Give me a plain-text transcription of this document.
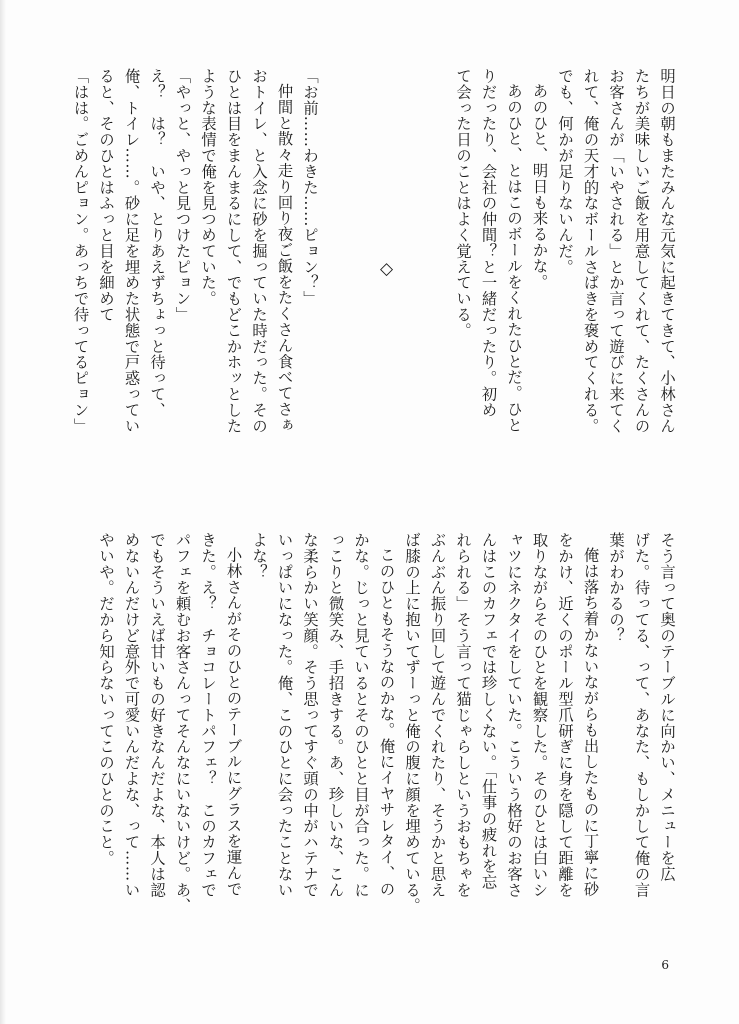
明日の朝もまたみんな元気に起きてきて、小林さん
たちが美味しいご飯を用意してくれて、たくさんの
お客さんが「いやされる」とか言って遊びに来てく
れて、俺の天才的なボールさばきを褒めてくれる。
でも、何かが足りないんだ。
あのひと、明日も来るかな。
あのひと、とはこのボールをくれたひとだ。ひと
りだったり、会社の仲間？と一緒だったり。初め
て会った日のことはよく覚えている。

◇

「お前……わきた……ピョン？」
仲間と散々走り回り夜ご飯をたくさん食べてさぁ
おトイレ、と入念に砂を掘っていた時だった。その
ひとは目をまんまるにして、でもどこかホッとした
ような表情で俺を見つめていた。
「やっと、やっと見つけたピョン」
え？　は？　いや、とりあえずちょっと待って、
俺、トイレ……。砂に足を埋めた状態で戸惑ってい
ると、そのひとはふっと目を細めて
「はは。ごめんピョン。あっちで待ってるピョン」
そう言って奥のテーブルに向かい、メニューを広
げた。待ってる、って、あなた、もしかして俺の言
葉がわかるの？
俺は落ち着かないながらも出したものに丁寧に砂
をかけ、近くのポール型爪研ぎに身を隠して距離を
取りながらそのひとを観察した。そのひとは白いシ
ャツにネクタイをしていた。こういう格好のお客さ
んはこのカフェでは珍しくない。「仕事の疲れを忘
れられる」そう言って猫じゃらしというおもちゃを
ぶんぶん振り回して遊んでくれたり、そうかと思え
ば膝の上に抱いてずーっと俺の腹に顔を埋めている。
このひともそうなのかな。俺にイヤサレタイ、の
かな。じっと見ているとそのひとと目が合った。に
っこりと微笑み、手招きする。あ、珍しいな、こん
な柔らかい笑顔。そう思ってすぐ頭の中がハテナで
いっぱいになった。俺、このひとに会ったことない
よな？
小林さんがそのひとのテーブルにグラスを運んで
きた。え？　チョコレートパフェ？　このカフェで
パフェを頼むお客さんってそんなにいないけど。あ、
でもそういえば甘いもの好きなんだよな、本人は認
めないんだけど意外で可愛いんだよな、って……い
やいや。だから知らないってこのひとのこと。
6
